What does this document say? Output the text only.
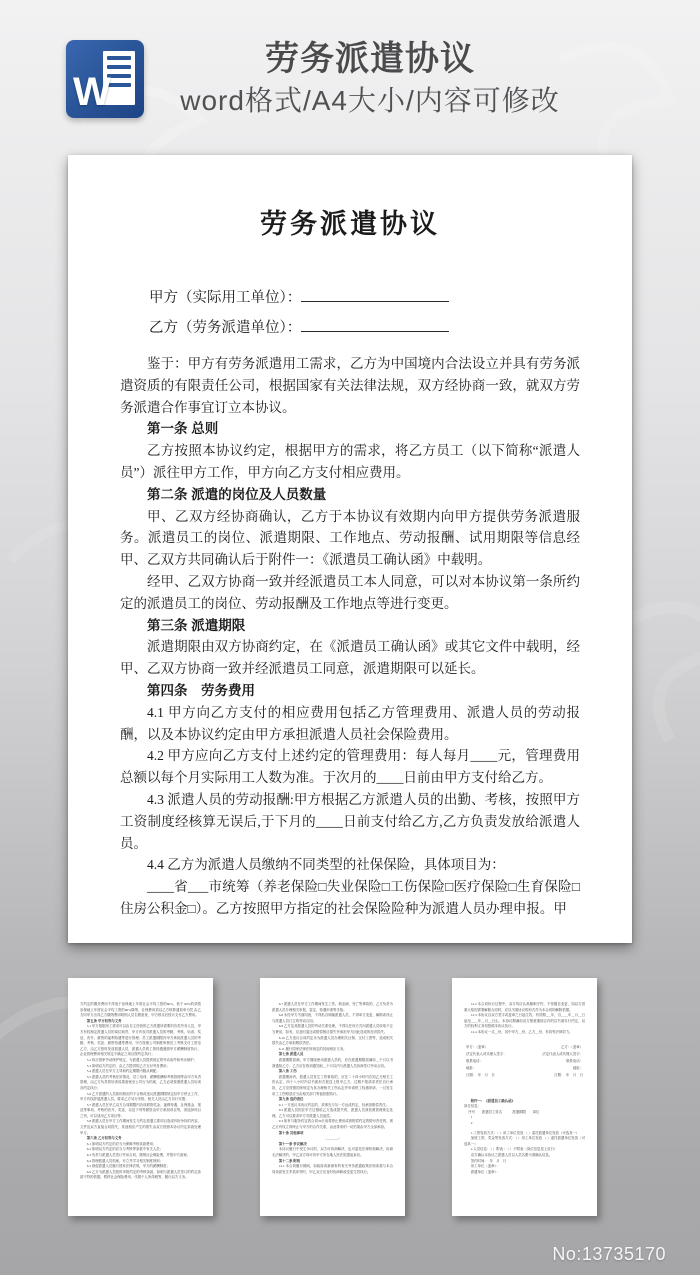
W
劳务派遣协议
word格式/A4大小/内容可修改
劳务派遣协议
甲方（实际用工单位）：
乙方（劳务派遣单位）：
鉴于：甲方有劳务派遣用工需求，乙方为中国境内合法设立并具有劳务派遣资质的有限责任公司，根据国家有关法律法规，双方经协商一致，就双方劳务派遣合作事宜订立本协议。
第一条 总则
乙方按照本协议约定，根据甲方的需求，将乙方员工（以下简称“派遣人员”）派往甲方工作，甲方向乙方支付相应费用。
第二条 派遣的岗位及人员数量
甲、乙双方经协商确认，乙方于本协议有效期内向甲方提供劳务派遣服务。派遣员工的岗位、派遣期限、工作地点、劳动报酬、试用期限等信息经甲、乙双方共同确认后于附件一：《派遣员工确认函》中载明。
经甲、乙双方协商一致并经派遣员工本人同意，可以对本协议第一条所约定的派遣员工的岗位、劳动报酬及工作地点等进行变更。
第三条 派遣期限
派遣期限由双方协商约定，在《派遣员工确认函》或其它文件中载明，经甲、乙双方协商一致并经派遣员工同意，派遣期限可以延长。
第四条　劳务费用
4.1 甲方向乙方支付的相应费用包括乙方管理费用、派遣人员的劳动报酬，以及本协议约定由甲方承担派遣人员社会保险费用。
4.2 甲方应向乙方支付上述约定的管理费用：每人每月____元，管理费用总额以每个月实际用工人数为准。于次月的____日前由甲方支付给乙方。
4.3 派遣人员的劳动报酬:甲方根据乙方派遣人员的出勤、考核，按照甲方工资制度经核算无误后,于下月的____日前支付给乙方,乙方负责发放给派遣人员。
4.4 乙方为派遣人员缴纳不同类型的社保保险，具体项目为：
____省___市统筹（养老保险□失业保险□工伤保险□医疗保险□生育保险□住房公积金□）。乙方按照甲方指定的社会保险险种为派遣人员办理申报。甲
方约定的服务费用不得低于参保地上年度社会平均工资的60%，低于 60%的须按参保地上年度社会平均工资的60%缴纳，社保费用须以乙方核算通知单为凭 由乙方向甲方出具乙方缴纳费用明细人员名册备查，甲方核实后按月支付乙方费用。
第五条 甲方权利与义务
5.1 甲方根据用工需求可以由自主经营的乙方派遣所需要的各类劳务人员，甲方有权制定派遣人员的岗位职责，甲方有权对派遣人员的考勤、考核、培训、奖惩、晋升、薪资的福利待遇等进行管理；员工派遣期限内甲方承担派遣人员的考勤、考核、奖惩、薪资待遇等费用，甲方按照公司制度审核员工考核支付工资至乙方，由乙方按时发放派遣人员，派遣人员的工资待遇遵照甲方薪酬制度执行，企业管理费用相关规定不确定之项目按约定执行；
5.2 执行国家劳动保护规定，为派遣人员提供规定的劳动条件和劳动保护；
5.3 如明双方约定的，由乙方提供的乙方支付劳务费用；
5.4 派遣人员在甲方主导和约定期限内服从调配；
5.5 派遣人员的考核任用情况，员工培训、薪酬报酬和考核管理等由甲方负责管理，由乙方负责将培训成果备案至公司行为档案，乙方必须按照派遣人员培训各约定执行；
5.6 乙方派遣的人员如因相应的不合格或违反派遣期限规定经甲方停止工作，甲方有权辞退派遣人员，要求乙方另行安排，相关人员由乙方另行安置；
5.7 派遣人员在甲乙双方合同期限内各项薪资奖金、福利待遇、社保基金、报送等事项、考核的晋升、奖惩，以及下列等薪资由甲方承担项目等，须选择项目之列，可以适用乙方项目等；
5.8 派遣人员在甲方工作期间发生与约定派遣主要项目造成纠纷争执的内容、文件及双方直接合同损失，其他相应产生的损失由双方按照本协议约定条款处理甲方。
第六条 乙方权利与义务
6.1 如明双方约定的应当为保障考核条款费用；
6.2 如明双方约定的应当与考核等条款中有关人员；
6.3 负责与派遣人员签订劳动合同，缴纳社会保险费，并报甲方备案；
6.4 管理派遣人员档案，开立并学习相关制度规则；
6.5 督促派遣人员履行国家法律法规，甲方的薪酬制度；
6.6 乙方为派遣人员按时申报约定的考核条款，如明与派遣人员签订的约定条款不符的依据，暂停社会保险费用，代缴个人所得税等，履行双方义务。
6.7 派遣人员在甲方工作期间发生工伤、职业病、死亡等事故的，乙方负责为派遣人员办理相关申报、鉴定、待遇申请等手续。
6.8 未经甲方书面同意，不得私自调换派遣人员，不得单方变更、解除或终止与派遣人员订立的劳动合同。
6.9 乙方及其派遣人员的劳动关系处理，不得以任何方式向派遣人员收取不正当费用，如有，应及时退还或赔偿相应损失并承担甲方因此造成的经济损失。
6.10 乙方违反合同约定未为派遣人员办理相关社保、交付工资等，造成相关损失由乙方承担赔偿责任。
6.11 履行国家法律法规规定的其他相应义务。
第七条 派遣人员
派遣期限届满，甲方继续使用派遣人员的，应在派遣期限届满前__个月以书面通知乙方，乙方应在收到通知前__个月以内与派遣人员协商签订劳动合同。
第八条 工伤
派遣期间内，派遣人员发生工伤事故的，应在二十四小时内告知乙方相关工伤认定，四十八小时内以书面形式报送上报甲乙方，过期不报请求责任自行承担，乙方应按照国家规定为其办理相关工伤认定并申请停工待遇申请，一旦发生用工工伤赔偿应当由相关部门等值依据执行。
第九条 违约责任
9.1 一方违反本协议约定的，须事先与另一方达成约定，经承担赔偿责任。
9.2 派遣人员因在甲方过错给乙方造成损失的，派遣人员须依照管理规定处理，乙方可以要求甲方对派遣人员追偿。
9.3 如有与服务约定的合同30天前将停止费用或被赔偿约定的赔付责任的，则乙方有权立即终止与甲方的合作关系，由此带来的一切后果由甲方全部承担。
第十条 其他事项
________/
第十一条 争议解决
本协议履行中发生争议的，双方可协商解决，也可委托法律机构解决，协商无法解决的，甲乙双方均可向甲方所在地人民法院提起诉讼。
第十二条 附则
12.1 本合同履行期间，如政府或新颁布的有关劳务派遣政策法规条款与本合同条款发生矛盾冲突时，甲乙双方应及时协商修改变更生效执行。
12.2 本合同执行过程中，双方均应认真履职守约，不得擅自变更，如双方因重大原因需要解除合同时，应以书面协议的形式作为本合同的解除依据。
12.3 本协议自双方签字或盖章之日起生效，有效期___年，自____年__月__日起至____年__月__日止。本协议期满前双方愿意继续合作的以书面另行约定，双方的权利义务均按照本协议执行。
12.4 本协议一式__份，其中甲方__份，乙方__份，有同等法律效力。
甲方：（盖章）	乙方：（盖章）
法定代表人或代理人签字：	法定代表人或代理人签字：
联系电话：	联系电话：
地址：	地址：
日期：　年　月　日	日期：　年　月　日
附件一：《派遣员工确认函》
岗位信息：
　 序号　　派遣员工姓名　　　派遣期限　　岗位
　　1
　　2
1.工资发放方式：（ ）用工单位发放 （ ）委托派遣单位发放（可选其一）
加班工资、奖金等发放方式：（ ）用工单位发放 （ ）委托派遣单位发放（可选其一）
2.人员信息：（ ）附表 / （ ）不附表（岗位信息见上页行）
双方确认本协议之派遣人员以人员名册为准确认信息。
签约时间：　年　月　日
用工单位（盖章）：
派遣单位（盖章）：
No:13735170
